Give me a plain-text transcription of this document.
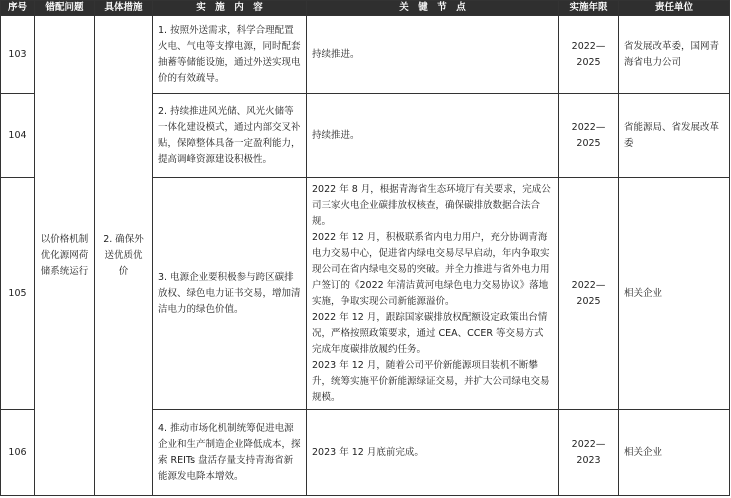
序号	错配问题	具体措施	实　施　内　容	关　键　节　点	实施年限	责任单位
103	以价格机制优化源网荷储系统运行	2. 确保外送优质优价	1. 按照外送需求，科学合理配置火电、气电等支撑电源，同时配套抽蓄等储能设施，通过外送实现电价的有效疏导。	持续推进。	2022—2025	省发展改革委，国网青海省电力公司
104			2. 持续推进风光储、风光火储等一体化建设模式，通过内部交叉补贴，保障整体具备一定盈利能力，提高调峰资源建设积极性。	持续推进。	2022—2025	省能源局、省发展改革委
105			3. 电源企业要积极参与跨区碳排放权、绿色电力证书交易，增加清洁电力的绿色价值。	2022 年 8 月，根据青海省生态环境厅有关要求，完成公司三家火电企业碳排放权核查，确保碳排放数据合法合规。
2022 年 12 月，积极联系省内电力用户，充分协调青海电力交易中心，促进省内绿电交易尽早启动，年内争取实现公司在省内绿电交易的突破。并全力推进与省外电力用户签订的《2022 年清洁黄河电绿色电力交易协议》落地实施，争取实现公司新能源溢价。
2022 年 12 月，跟踪国家碳排放权配额设定政策出台情况，严格按照政策要求，通过 CEA、CCER 等交易方式完成年度碳排放履约任务。
2023 年 12 月，随着公司平价新能源项目装机不断攀升，统筹实施平价新能源绿证交易，并扩大公司绿电交易规模。	2022—2025	相关企业
106			4. 推动市场化机制统筹促进电源企业和生产制造企业降低成本，探索 REITs 盘活存量支持青海省新能源发电降本增效。	2023 年 12 月底前完成。	2022—2023	相关企业
